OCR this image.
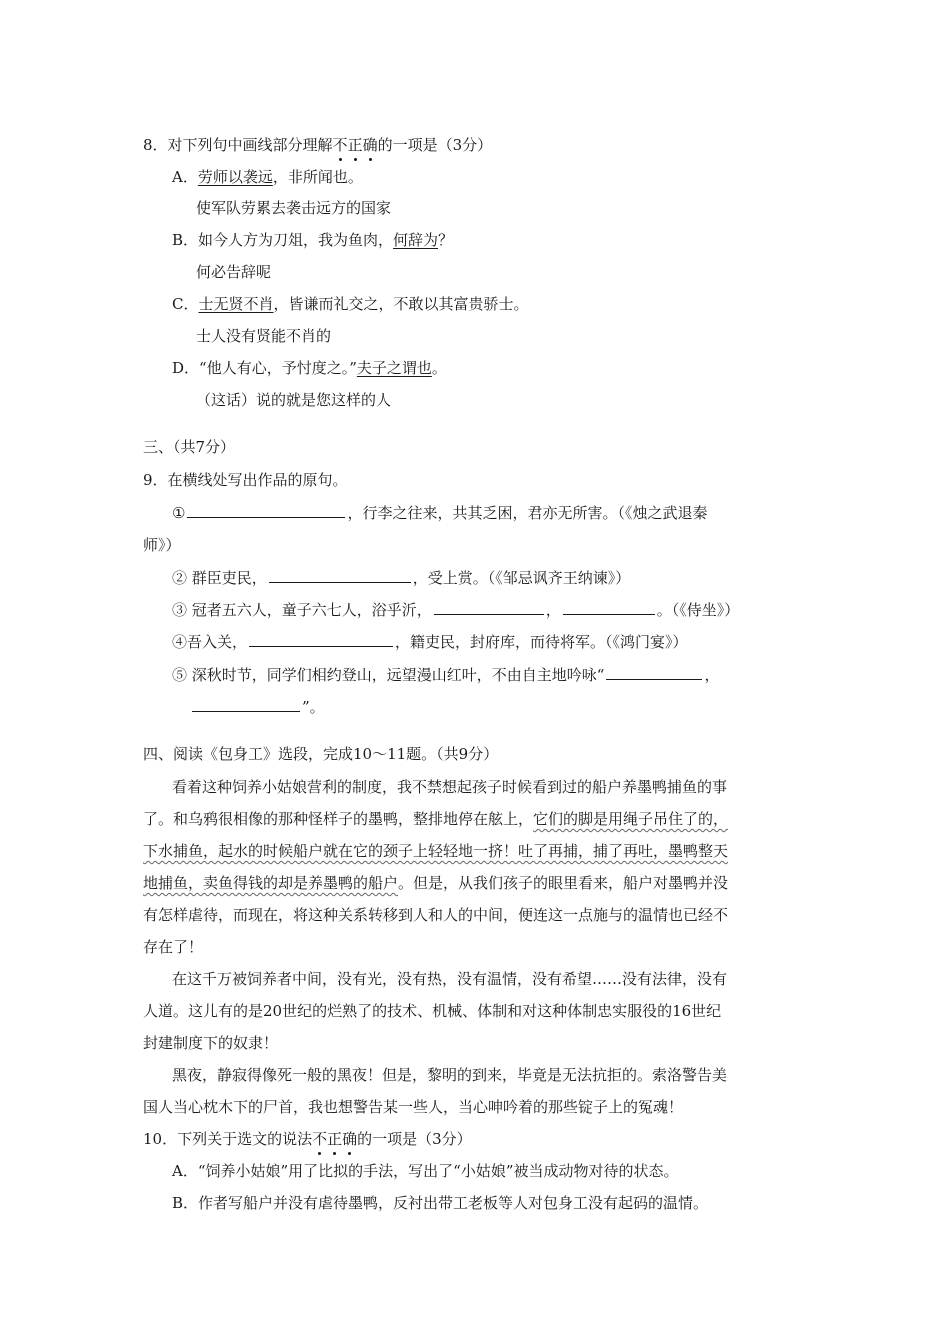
8．对下列句中画线部分理解不正确的一项是（3分）
A．劳师以袭远，非所闻也。
使军队劳累去袭击远方的国家
B．如今人方为刀俎，我为鱼肉，何辞为？
何必告辞呢
C．士无贤不肖，皆谦而礼交之，不敢以其富贵骄士。
士人没有贤能不肖的
D．“他人有心，予忖度之。”夫子之谓也。
（这话）说的就是您这样的人
三、（共7分）
9．在横线处写出作品的原句。
①	，行李之往来，共其乏困，君亦无所害。（《烛之武退秦
师》）
② 群臣吏民，	，受上赏。（《邹忌讽齐王纳谏》）
③ 冠者五六人，童子六七人，浴乎沂，	，	。（《侍坐》）
④吾入关，	，籍吏民，封府库，而待将军。（《鸿门宴》）
⑤ 深秋时节，同学们相约登山，远望漫山红叶，不由自主地吟咏“	，
”。
四、阅读《包身工》选段，完成10～11题。（共9分）
看着这种饲养小姑娘营利的制度，我不禁想起孩子时候看到过的船户养墨鸭捕鱼的事
了。和乌鸦很相像的那种怪样子的墨鸭，整排地停在舷上，它们的脚是用绳子吊住了的，
下水捕鱼，起水的时候船户就在它的颈子上轻轻地一挤！吐了再捕，捕了再吐，墨鸭整天
地捕鱼，卖鱼得钱的却是养墨鸭的船户。但是，从我们孩子的眼里看来，船户对墨鸭并没
有怎样虐待，而现在，将这种关系转移到人和人的中间，便连这一点施与的温情也已经不
存在了！
在这千万被饲养者中间，没有光，没有热，没有温情，没有希望……没有法律，没有
人道。这儿有的是20世纪的烂熟了的技术、机械、体制和对这种体制忠实服役的16世纪
封建制度下的奴隶！
黑夜，静寂得像死一般的黑夜！但是，黎明的到来，毕竟是无法抗拒的。索洛警告美
国人当心枕木下的尸首，我也想警告某一些人，当心呻吟着的那些锭子上的冤魂！
10．下列关于选文的说法不正确的一项是（3分）
A．“饲养小姑娘”用了比拟的手法，写出了“小姑娘”被当成动物对待的状态。
B．作者写船户并没有虐待墨鸭，反衬出带工老板等人对包身工没有起码的温情。
